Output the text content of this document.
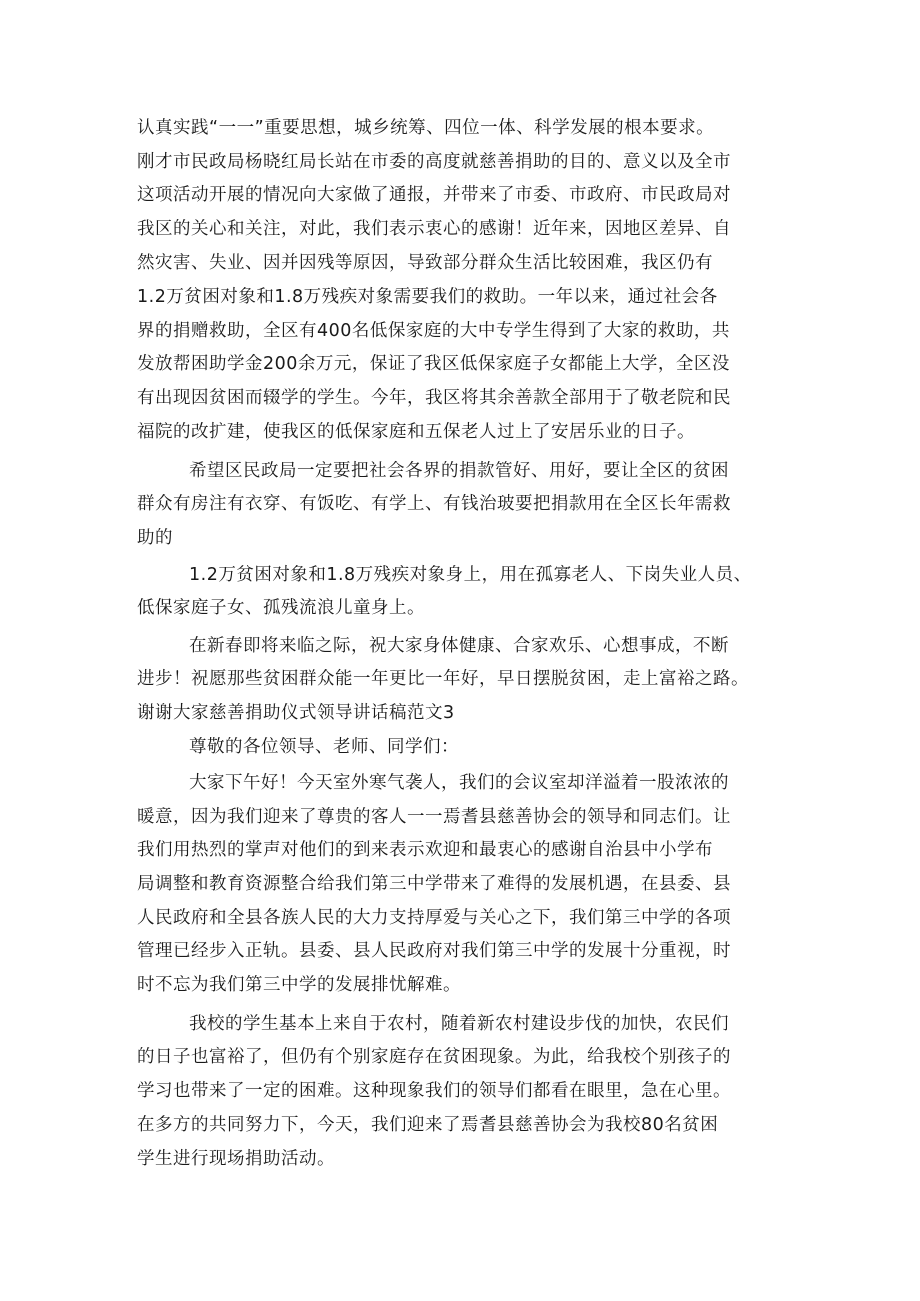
认真实践“一一”重要思想，城乡统筹、四位一体、科学发展的根本要求。
刚才市民政局杨晓红局长站在市委的高度就慈善捐助的目的、意义以及全市
这项活动开展的情况向大家做了通报，并带来了市委、市政府、市民政局对
我区的关心和关注，对此，我们表示衷心的感谢！近年来，因地区差异、自
然灾害、失业、因并因残等原因，导致部分群众生活比较困难，我区仍有
1.2万贫困对象和1.8万残疾对象需要我们的救助。一年以来，通过社会各
界的捐赠救助，全区有400名低保家庭的大中专学生得到了大家的救助，共
发放帮困助学金200余万元，保证了我区低保家庭子女都能上大学，全区没
有出现因贫困而辍学的学生。今年，我区将其余善款全部用于了敬老院和民
福院的改扩建，使我区的低保家庭和五保老人过上了安居乐业的日子。
希望区民政局一定要把社会各界的捐款管好、用好，要让全区的贫困
群众有房注有衣穿、有饭吃、有学上、有钱治玻要把捐款用在全区长年需救
助的
1.2万贫困对象和1.8万残疾对象身上，用在孤寡老人、下岗失业人员、
低保家庭子女、孤残流浪儿童身上。
在新春即将来临之际，祝大家身体健康、合家欢乐、心想事成，不断
进步！祝愿那些贫困群众能一年更比一年好，早日摆脱贫困，走上富裕之路。
谢谢大家慈善捐助仪式领导讲话稿范文3
尊敬的各位领导、老师、同学们：
大家下午好！今天室外寒气袭人，我们的会议室却洋溢着一股浓浓的
暖意，因为我们迎来了尊贵的客人一一焉耆县慈善协会的领导和同志们。让
我们用热烈的掌声对他们的到来表示欢迎和最衷心的感谢自治县中小学布
局调整和教育资源整合给我们第三中学带来了难得的发展机遇，在县委、县
人民政府和全县各族人民的大力支持厚爱与关心之下，我们第三中学的各项
管理已经步入正轨。县委、县人民政府对我们第三中学的发展十分重视，时
时不忘为我们第三中学的发展排忧解难。
我校的学生基本上来自于农村，随着新农村建设步伐的加快，农民们
的日子也富裕了，但仍有个别家庭存在贫困现象。为此，给我校个别孩子的
学习也带来了一定的困难。这种现象我们的领导们都看在眼里，急在心里。
在多方的共同努力下，今天，我们迎来了焉耆县慈善协会为我校80名贫困
学生进行现场捐助活动。
